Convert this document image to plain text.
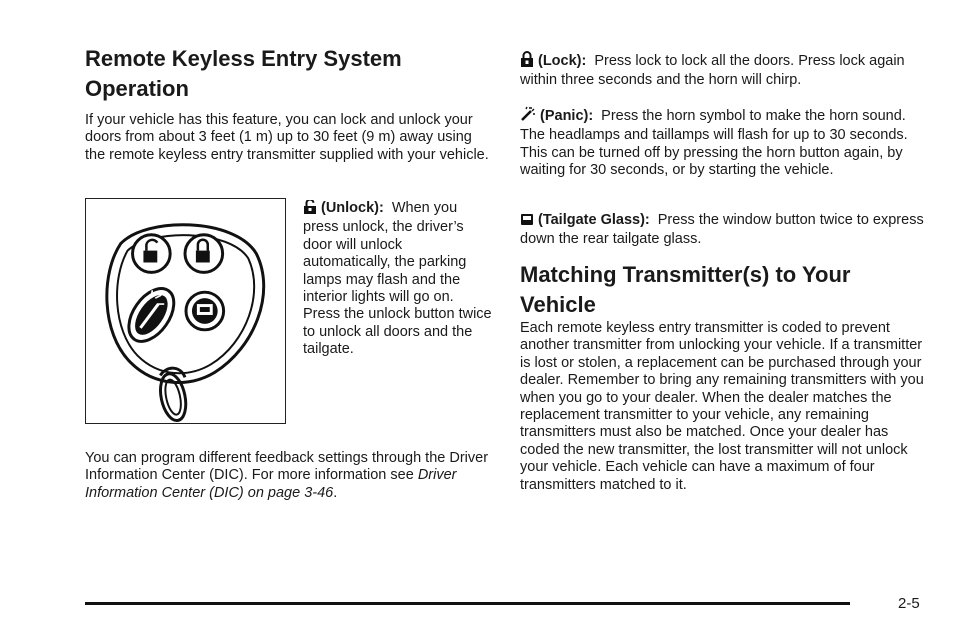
Remote Keyless Entry System Operation

If your vehicle has this feature, you can lock and unlock your doors from about 3 feet (1 m) up to 30 feet (9 m) away using the remote keyless entry transmitter supplied with your vehicle.

(Unlock): When you press unlock, the driver’s door will unlock automatically, the parking lamps may flash and the interior lights will go on. Press the unlock button twice to unlock all doors and the tailgate.

You can program different feedback settings through the Driver Information Center (DIC). For more information see Driver Information Center (DIC) on page 3-46.

(Lock): Press lock to lock all the doors. Press lock again within three seconds and the horn will chirp.

(Panic): Press the horn symbol to make the horn sound. The headlamps and taillamps will flash for up to 30 seconds. This can be turned off by pressing the horn button again, by waiting for 30 seconds, or by starting the vehicle.

(Tailgate Glass): Press the window button twice to express down the rear tailgate glass.

Matching Transmitter(s) to Your Vehicle

Each remote keyless entry transmitter is coded to prevent another transmitter from unlocking your vehicle. If a transmitter is lost or stolen, a replacement can be purchased through your dealer. Remember to bring any remaining transmitters with you when you go to your dealer. When the dealer matches the replacement transmitter to your vehicle, any remaining transmitters must also be matched. Once your dealer has coded the new transmitter, the lost transmitter will not unlock your vehicle. Each vehicle can have a maximum of four transmitters matched to it.

2-5
